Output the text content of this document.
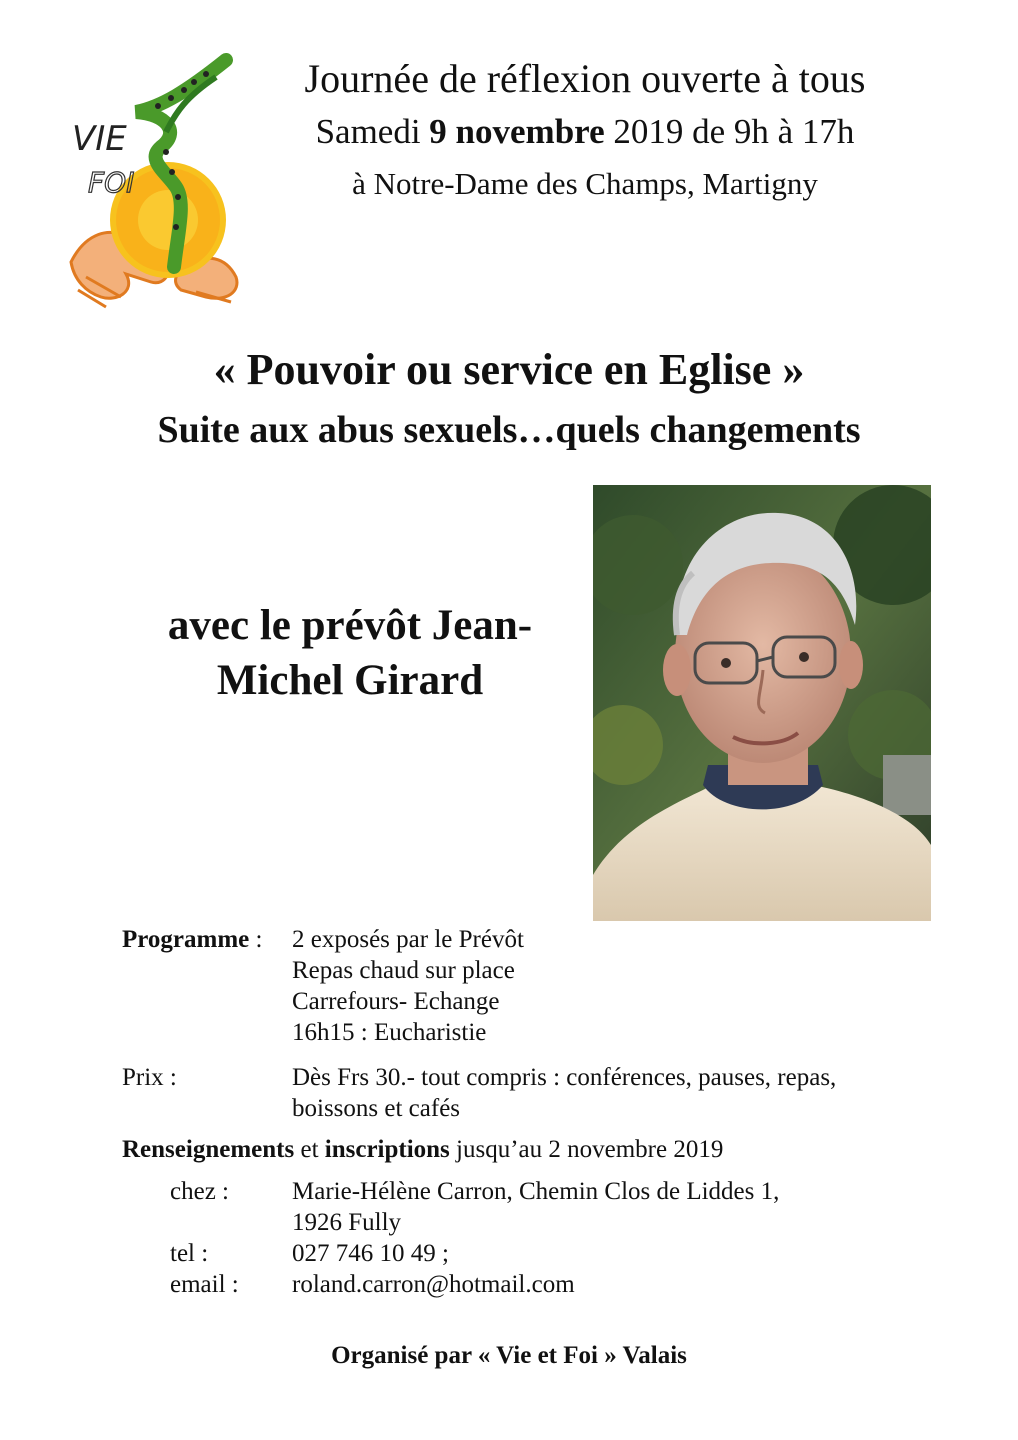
VIE
FOI
Journée de réflexion ouverte à tous
Samedi 9 novembre 2019 de 9h à 17h
à Notre-Dame des Champs, Martigny
« Pouvoir ou service en Eglise »
Suite aux abus sexuels…quels changements
avec le prévôt Jean-
Michel Girard
Programme : 2 exposés par le Prévôt
Repas chaud sur place
Carrefours- Echange
16h15 : Eucharistie
Prix :	Dès Frs 30.- tout compris : conférences, pauses, repas,
boissons et cafés
Renseignements et inscriptions jusqu’au 2 novembre 2019
chez :	Marie-Hélène Carron, Chemin Clos de Liddes 1,
1926 Fully
tel :	027 746 10 49 ;
email : roland.carron@hotmail.com
Organisé par « Vie et Foi » Valais
